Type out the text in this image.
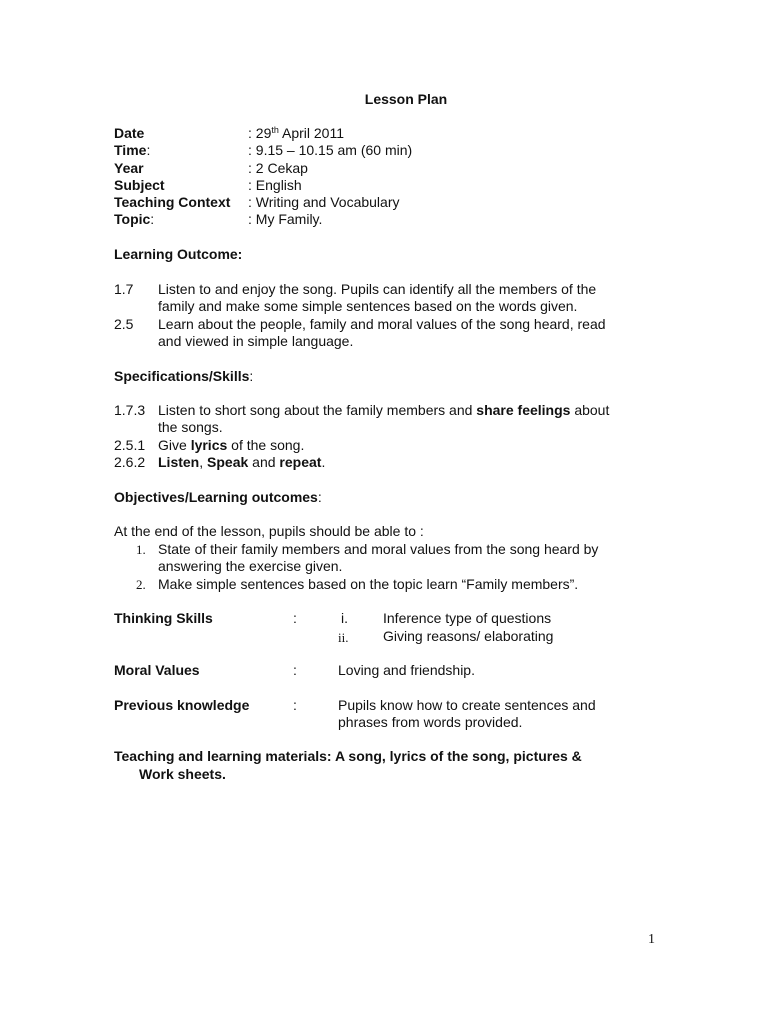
Lesson Plan
Date	: 29th April 2011
Time:	: 9.15 – 10.15 am (60 min)
Year	: 2 Cekap
Subject	: English
Teaching Context : Writing and Vocabulary
Topic:	: My Family.
Learning Outcome:
1.7 Listen to and enjoy the song. Pupils can identify all the members of the
family and make some simple sentences based on the words given.
2.5 Learn about the people, family and moral values of the song heard, read
and viewed in simple language.
Specifications/Skills:
1.7.3 Listen to short song about the family members and share feelings about
the songs.
2.5.1 Give lyrics of the song.
2.6.2 Listen, Speak and repeat.
Objectives/Learning outcomes:
At the end of the lesson, pupils should be able to :
1. State of their family members and moral values from the song heard by
answering the exercise given.
2. Make simple sentences based on the topic learn “Family members”.
Thinking Skills	:	i.	Inference type of questions
ii. Giving reasons/ elaborating
Moral Values	:	Loving and friendship.
Previous knowledge	:	Pupils know how to create sentences and
phrases from words provided.
Teaching and learning materials: A song, lyrics of the song, pictures &
Work sheets.
1
